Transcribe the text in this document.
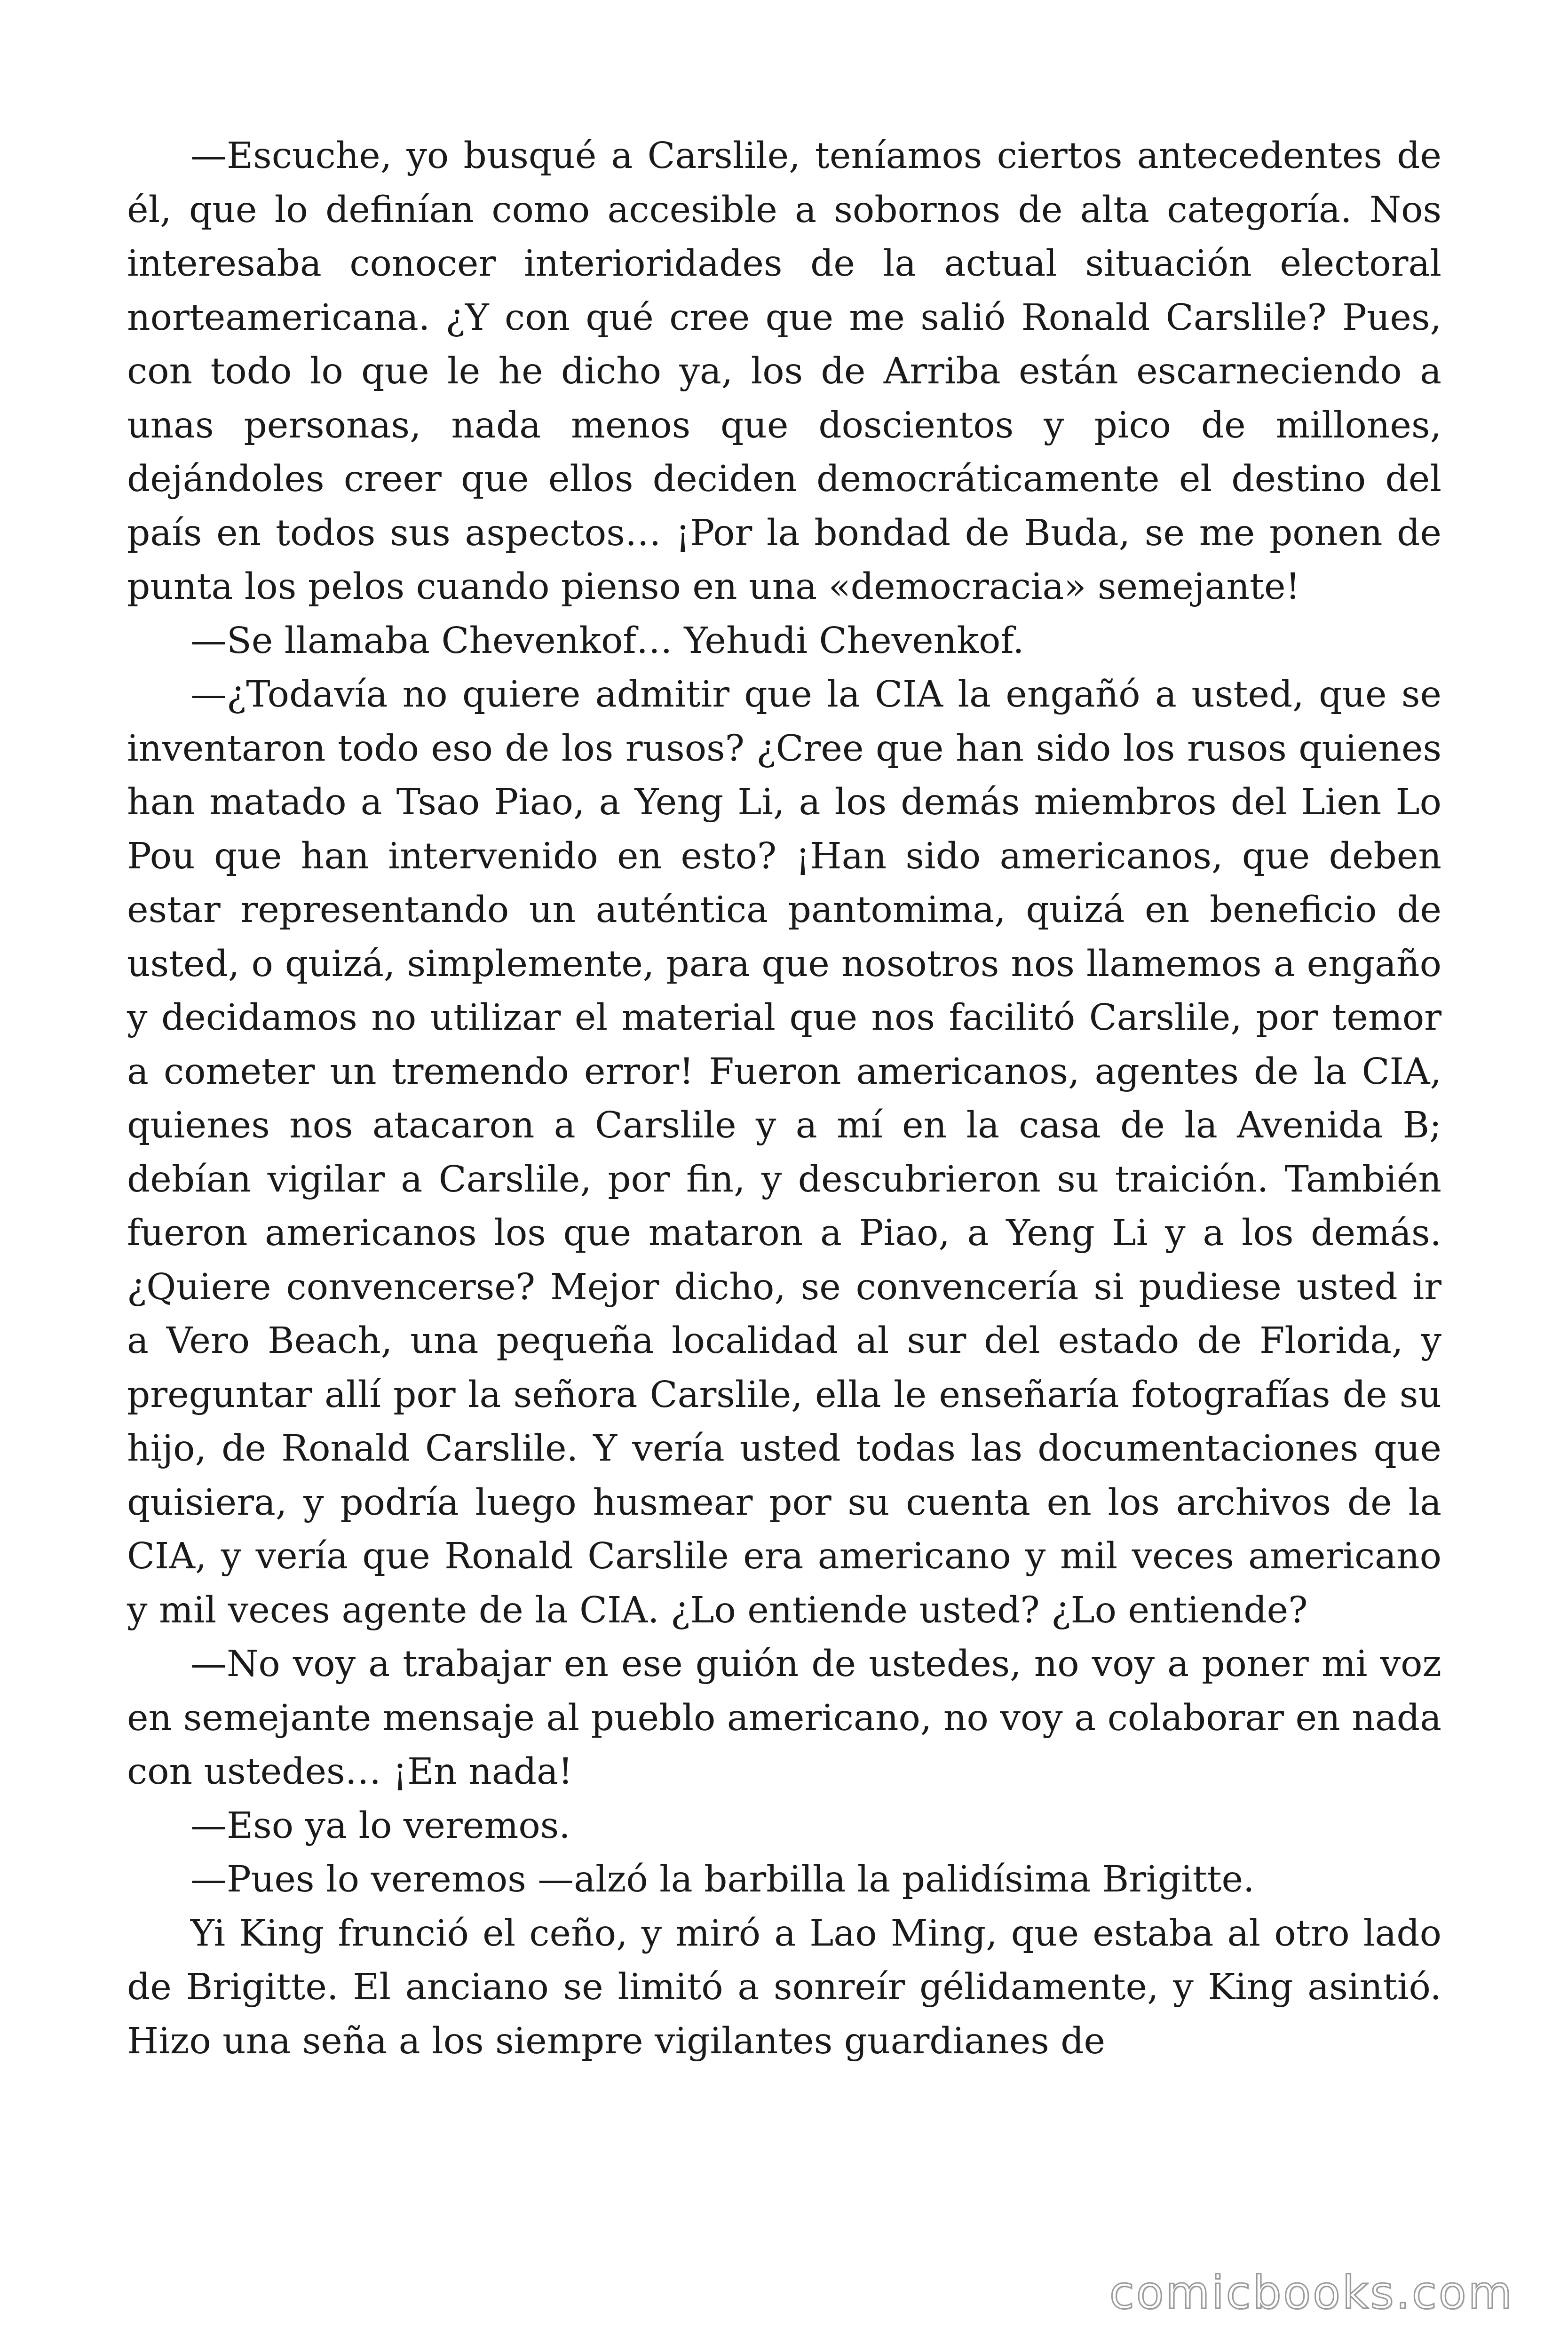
—Escuche, yo busqué a Carslile, teníamos ciertos antecedentes de él, que lo definían como accesible a sobornos de alta categoría. Nos interesaba conocer interioridades de la actual situación electoral norteamericana. ¿Y con qué cree que me salió Ronald Carslile? Pues, con todo lo que le he dicho ya, los de Arriba están escarneciendo a unas personas, nada menos que doscientos y pico de millones, dejándoles creer que ellos deciden democráticamente el destino del país en todos sus aspectos… ¡Por la bondad de Buda, se me ponen de punta los pelos cuando pienso en una «democracia» semejante!

—Se llamaba Chevenkof… Yehudi Chevenkof.

—¿Todavía no quiere admitir que la CIA la engañó a usted, que se inventaron todo eso de los rusos? ¿Cree que han sido los rusos quienes han matado a Tsao Piao, a Yeng Li, a los demás miembros del Lien Lo Pou que han intervenido en esto? ¡Han sido americanos, que deben estar representando un auténtica pantomima, quizá en beneficio de usted, o quizá, simplemente, para que nosotros nos llamemos a engaño y decidamos no utilizar el material que nos facilitó Carslile, por temor a cometer un tremendo error! Fueron americanos, agentes de la CIA, quienes nos atacaron a Carslile y a mí en la casa de la Avenida B; debían vigilar a Carslile, por fin, y descubrieron su traición. También fueron americanos los que mataron a Piao, a Yeng Li y a los demás. ¿Quiere convencerse? Mejor dicho, se convencería si pudiese usted ir a Vero Beach, una pequeña localidad al sur del estado de Florida, y preguntar allí por la señora Carslile, ella le enseñaría fotografías de su hijo, de Ronald Carslile. Y vería usted todas las documentaciones que quisiera, y podría luego husmear por su cuenta en los archivos de la CIA, y vería que Ronald Carslile era americano y mil veces americano y mil veces agente de la CIA. ¿Lo entiende usted? ¿Lo entiende?

—No voy a trabajar en ese guión de ustedes, no voy a poner mi voz en semejante mensaje al pueblo americano, no voy a colaborar en nada con ustedes… ¡En nada!

—Eso ya lo veremos.

—Pues lo veremos —alzó la barbilla la palidísima Brigitte.

Yi King frunció el ceño, y miró a Lao Ming, que estaba al otro lado de Brigitte. El anciano se limitó a sonreír gélidamente, y King asintió. Hizo una seña a los siempre vigilantes guardianes de

comicbooks.com
